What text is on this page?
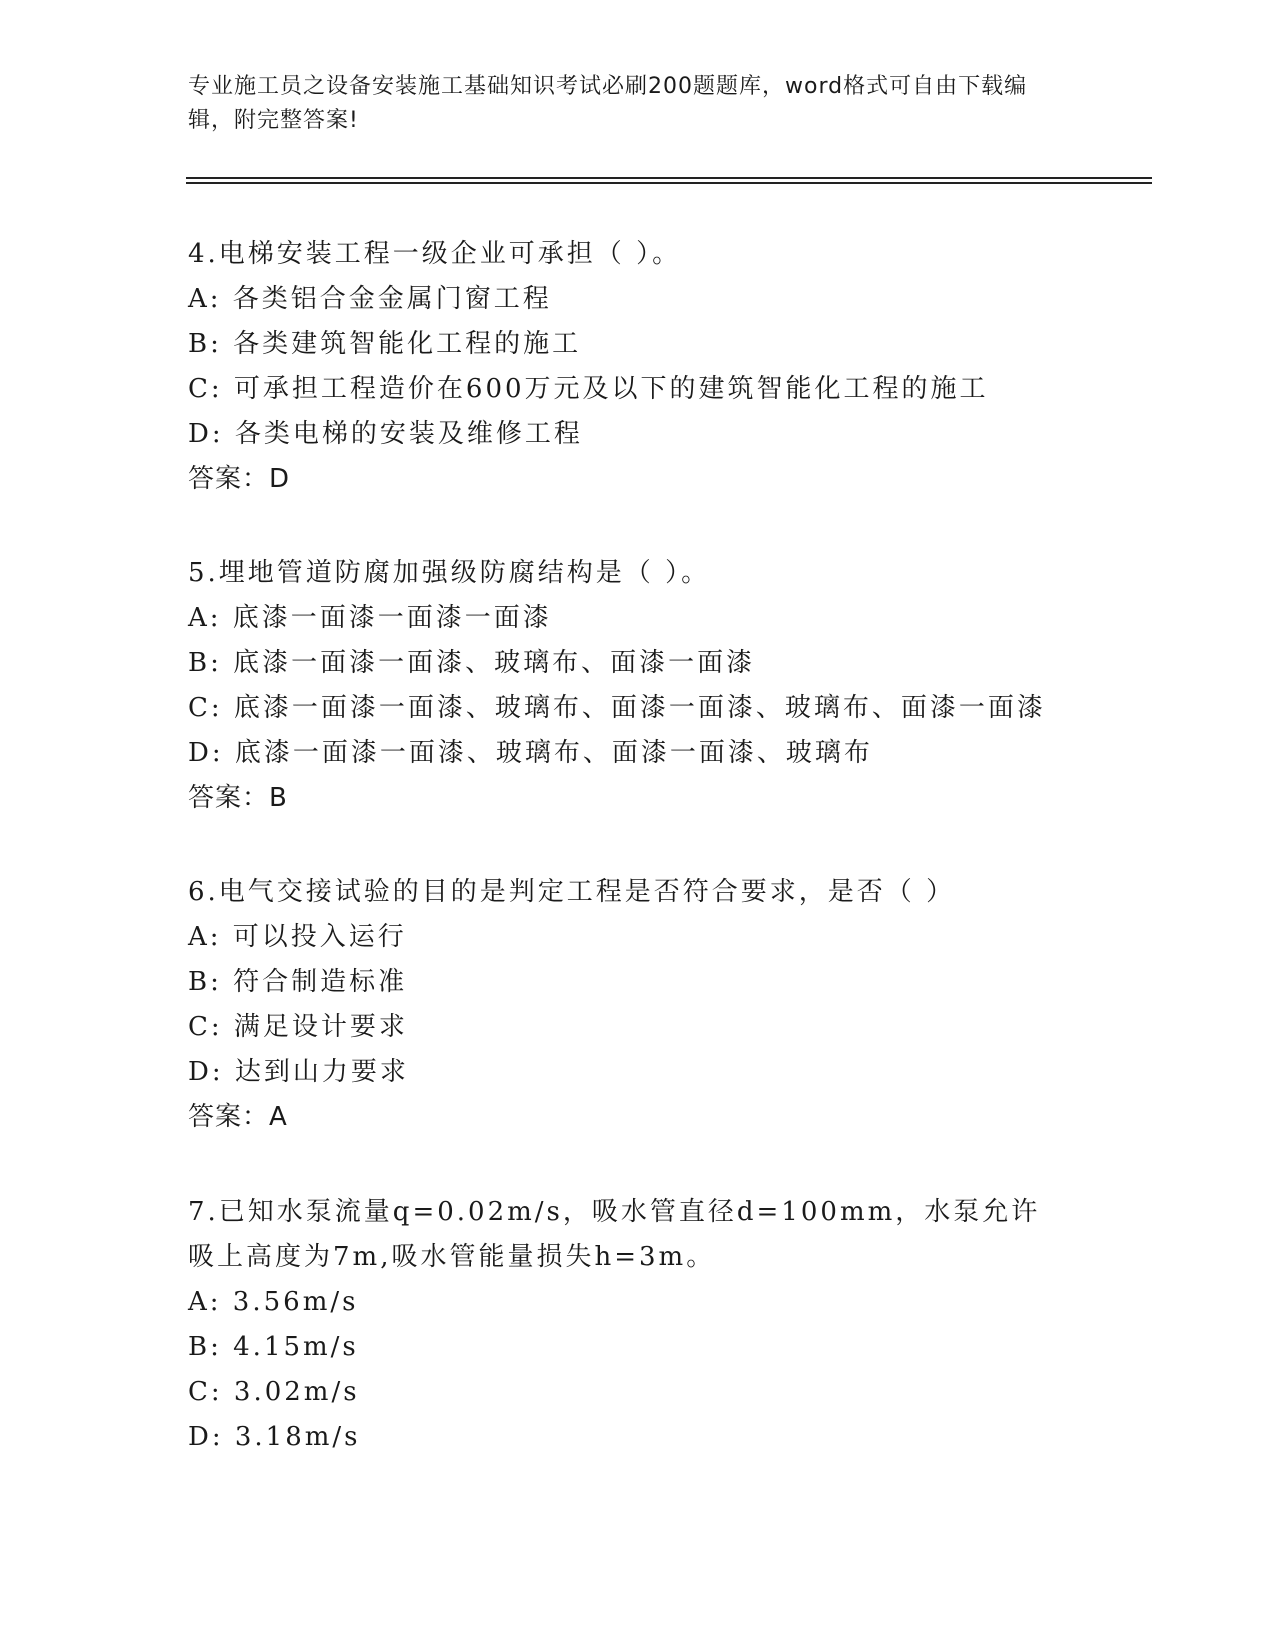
专业施工员之设备安装施工基础知识考试必刷200题题库，word格式可自由下载编辑，附完整答案!
4.电梯安装工程一级企业可承担（ ）。
A: 各类铝合金金属门窗工程
B: 各类建筑智能化工程的施工
C: 可承担工程造价在600万元及以下的建筑智能化工程的施工
D: 各类电梯的安装及维修工程
答案：D
5.埋地管道防腐加强级防腐结构是（ ）。
A: 底漆一面漆一面漆一面漆
B: 底漆一面漆一面漆、玻璃布、面漆一面漆
C: 底漆一面漆一面漆、玻璃布、面漆一面漆、玻璃布、面漆一面漆
D: 底漆一面漆一面漆、玻璃布、面漆一面漆、玻璃布
答案：B
6.电气交接试验的目的是判定工程是否符合要求，是否（ ）
A: 可以投入运行
B: 符合制造标准
C: 满足设计要求
D: 达到山力要求
答案：A
7.已知水泵流量q=0.02m/s，吸水管直径d=100mm，水泵允许吸上高度为7m,吸水管能量损失h=3m。
A: 3.56m/s
B: 4.15m/s
C: 3.02m/s
D: 3.18m/s
